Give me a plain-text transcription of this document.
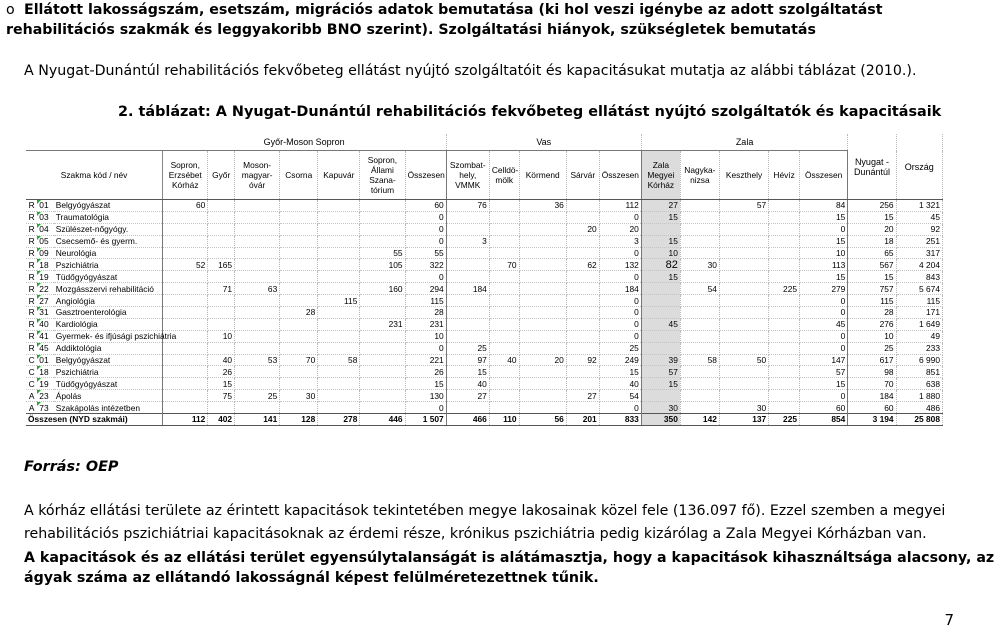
o Ellátott lakosságszám, esetszám, migrációs adatok bemutatása (ki hol veszi igénybe az adott szolgáltatást rehabilitációs szakmák és leggyakoribb BNO szerint). Szolgáltatási hiányok, szükségletek bemutatás
A Nyugat-Dunántúl rehabilitációs fekvőbeteg ellátást nyújtó szolgáltatóit és kapacitásukat mutatja az alábbi táblázat (2010.).
2. táblázat: A Nyugat-Dunántúl rehabilitációs fekvőbeteg ellátást nyújtó szolgáltatók és kapacitásaik
			Győr-Moson Sopron							Vas					Zala					Nyugat - Dunántúl	Ország
Szakma kód / név			Sopron, Erzsébet Kórház	Győr	Moson-magyar-óvár	Csorna	Kapuvár	Sopron, Állami Szana-tórium	Összesen	Szombat-hely, VMMK	Celldö-mölk	Körmend	Sárvár	Összesen	Zala Megyei Kórház	Nagyka-nizsa	Keszthely	Hévíz	Összesen		
R	01	Belgyógyászat	60						60	76		36		112	27		57		84	256	1 321
R	03	Traumatológia							0					0	15				15	15	45
R	04	Szülészet-nőgyógy.							0				20	20					0	20	92
R	05	Csecsemő- és gyerm.							0	3				3	15				15	18	251
R	09	Neurológia						55	55					0	10				10	65	317
R	18	Pszichiátria	52	165				105	322		70		62	132	82	30			113	567	4 204
R	19	Tüdőgyógyászat							0					0	15				15	15	843
R	22	Mozgásszervi rehabilitáció		71	63			160	294	184				184		54		225	279	757	5 674
R	27	Angiológia					115		115					0					0	115	115
R	31	Gasztroenterológia				28			28					0					0	28	171
R	40	Kardiológia						231	231					0	45				45	276	1 649
R	41	Gyermek- és ifjúsági pszichiátria		10					10					0					0	10	49
R	45	Addiktológia							0	25				25					0	25	233
C	01	Belgyógyászat		40	53	70	58		221	97	40	20	92	249	39	58	50		147	617	6 990
C	18	Pszichiátria		26					26	15				15	57				57	98	851
C	19	Tüdőgyógyászat		15					15	40				40	15				15	70	638
A	23	Ápolás		75	25	30			130	27			27	54					0	184	1 880
A	73	Szakápolás intézetben							0					0	30		30		60	60	486
Összesen (NYD szakmái)			112	402	141	128	278	446	1 507	466	110	56	201	833	350	142	137	225	854	3 194	25 808
Forrás: OEP
A kórház ellátási területe az érintett kapacitások tekintetében megye lakosainak közel fele (136.097 fő). Ezzel szemben a megyei
rehabilitációs pszichiátriai kapacitásoknak az érdemi része, krónikus pszichiátria pedig kizárólag a Zala Megyei Kórházban van.
A kapacitások és az ellátási terület egyensúlytalanságát is alátámasztja, hogy a kapacitások kihasználtsága alacsony, az
ágyak száma az ellátandó lakosságnál képest felülméretezettnek tűnik.
7
